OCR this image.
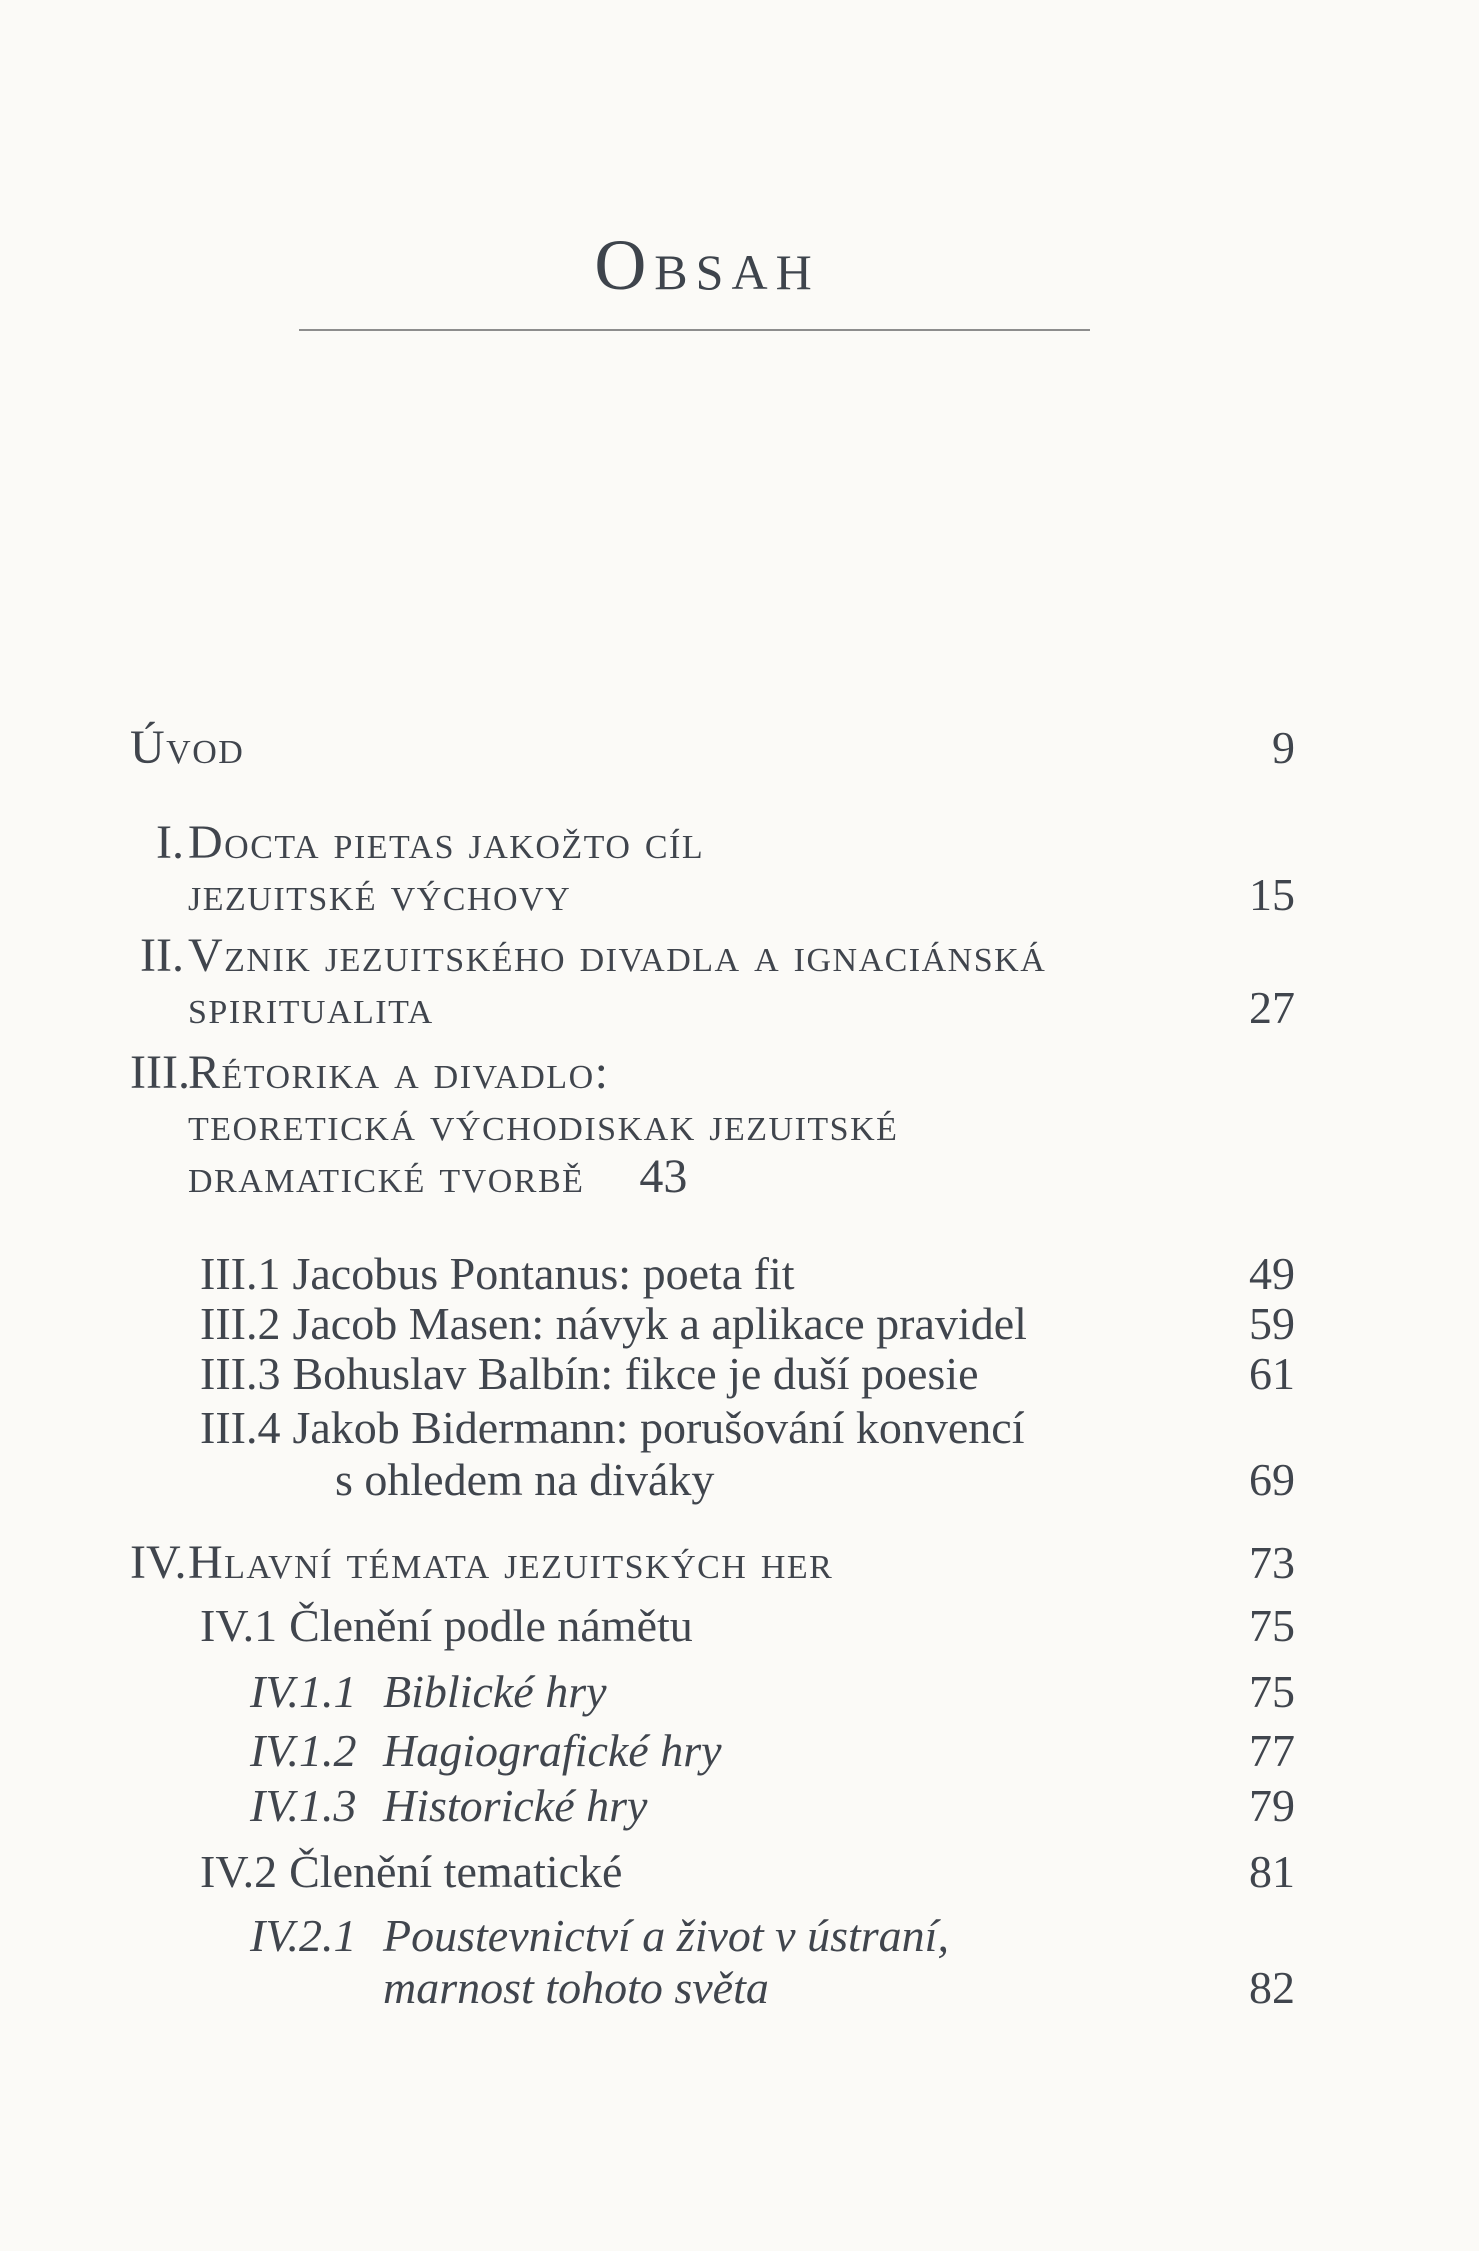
Obsah
Úvod
I. Docta pietas jakožto cíl
jezuitské výchovy
II. Vznik jezuitského divadla a ignaciánská
spiritualita
III.
Rétorika a divadlo:
teoretická východiskak jezuitské
dramatické tvorbě 43
III.1 Jacobus Pontanus: poeta fit
III.2 Jacob Masen: návyk a aplikace pravidel
III.3 Bohuslav Balbín: fikce je duší poesie
III.4 Jakob Bidermann: porušování konvencí
s ohledem na diváky
IV. Hlavní témata jezuitských her
IV.1 Členění podle námětu
IV.1.1 Biblické hry
IV.1.2 Hagiografické hry
IV.1.3 Historické hry
IV.2 Členění tematické
IV.2.1 Poustevnictví a život v ústraní,
marnost tohoto světa
9
15
27
49
59
61
69
73
75
75
77
79
81
82
